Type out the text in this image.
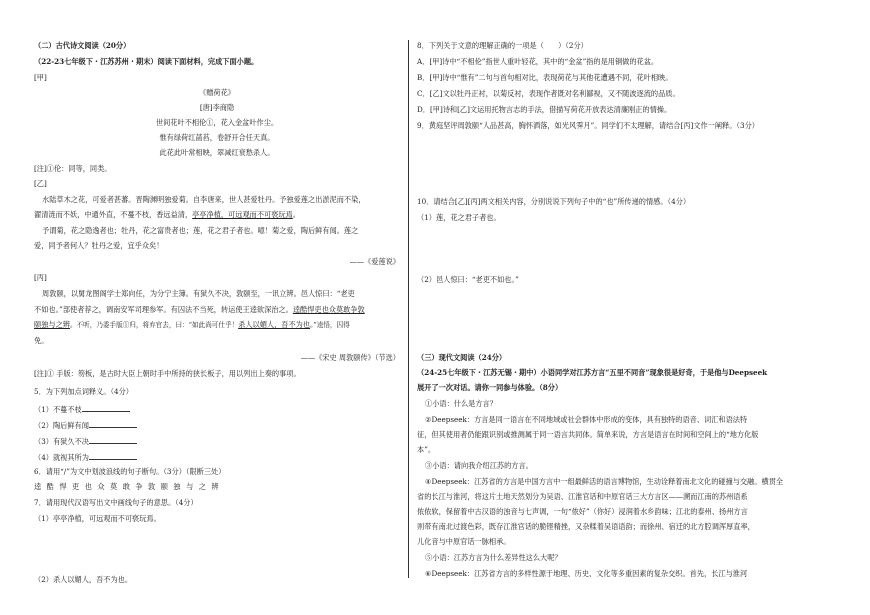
（二）古代诗文阅读（20分）
（22-23七年级下・江苏苏州・期末）阅读下面材料，完成下面小题。
[甲]
《赠荷花》
[唐]李商隐
世间花叶不相伦①，花入金盆叶作尘。
惟有绿荷红菡萏，卷舒开合任天真。
此花此叶常相映，翠减红衰愁杀人。
[注]①伦：同等，同类。
[乙]
水陆草木之花，可爱者甚蕃。晋陶渊明独爱菊。自李唐来，世人甚爱牡丹。予独爱莲之出淤泥而不染，
濯清涟而不妖，中通外直，不蔓不枝，香远益清，亭亭净植，可远观而不可亵玩焉。
予谓菊，花之隐逸者也；牡丹，花之富贵者也；莲，花之君子者也。噫！菊之爱，陶后鲜有闻。莲之
爱，同予者何人？牡丹之爱，宜乎众矣！
——《爱莲说》
[丙]
周敦颐，以舅龙图阁学士郑向任，为分宁主簿。有狱久不决，敦颐至，一讯立辨。邑人惊曰：“老吏
不如也。”部使者荐之，调南安军司理参军。有囚法不当死，转运使王逵欲深治之。逵酷悍吏也众莫敢争敦
颐独与之辨。不听，乃委手版①归，将弃官去，曰：“如此尚可仕乎！杀人以媚人，吾不为也。”逵悟，囚得
免。
——《宋史 周敦颐传》（节选）
[注]① 手版：笏板，是古时大臣上朝时手中所持的狭长板子，用以列出上奏的事项。
5．为下列加点词释义。（4分）
（1）不蔓不枝
（2）陶后鲜有闻
（3）有狱久不决
（4）就视其所为
6．请用“/”为文中划波浪线的句子断句。（3分）（限断三处）
逵 酷 悍 吏 也 众 莫 敢 争 敦 颐 独 与 之 辨
7．请用现代汉语写出文中画线句子的意思。（4分）
（1）亭亭净植，可远观而不可亵玩焉。
（2）杀人以媚人，吾不为也。
8．下列关于文意的理解正确的一项是（　　）（2分）
A．[甲]诗中“不相伦”指世人重叶轻花，其中的“金盆”指的是用铜做的花盆。
B．[甲]诗中“惟有”二句与首句相对比，表现荷花与其他花遭遇不同，花叶相映。
C．[乙]文以牡丹正衬，以菊反衬，表现作者既对名利鄙视，又不随波逐流的品质。
D．[甲]诗和[乙]文运用托物言志的手法，借描写荷花开放表达清廉刚正的情操。
9．黄庭坚评周敦颐“人品甚高，胸怀洒落，如光风霁月”。同学们不太理解，请结合[丙]文作一阐释。（3分）
10．请结合[乙][丙]两文相关内容，分别说说下列句子中的“也”所传递的情感。（4分）
（1）莲，花之君子者也。
（2）邑人惊曰：“老吏不如也。”
（三）现代文阅读（24分）
（24-25七年级下・江苏无锡・期中）小语同学对江苏方言“五里不同音”现象很是好奇，于是他与Deepseek
展开了一次对话。请你一同参与体验。（8分）
①小语：什么是方言？
②Deepseek：方言是同一语言在不同地域或社会群体中形成的变体，具有独特的语音、词汇和语法特
征，但其使用者仍能跟识别或推测属于同一语言共同体。简单来说，方言是语言在时间和空间上的“地方化版
本”。
③小语：请向我介绍江苏的方言。
④Deepseek：江苏省的方言是中国方言中一组最鲜活的语言博物馆，生动诠释着南北文化的碰撞与交融。横贯全
省的长江与淮河，将这片土地天然划分为吴语、江淮官话和中原官话三大方言区——溯而江南的苏州语系
侬侬软，保留着中古汉语的浊音与七声调，一句“侬好”（你好）浸润着水乡韵味；江北的泰州、扬州方言
则带有南北过渡色彩，既存江淮官话的脆铿精挫，又杂糅着吴语语韵；而徐州、宿迁的北方腔调浑厚直率，
儿化音与中原官话一脉相承。
⑤小语：江苏方言为什么差异性这么大呢？
⑥Deepseek：江苏省方言的多样性源于地理、历史、文化等多重因素的复杂交织。首先，长江与淮河
